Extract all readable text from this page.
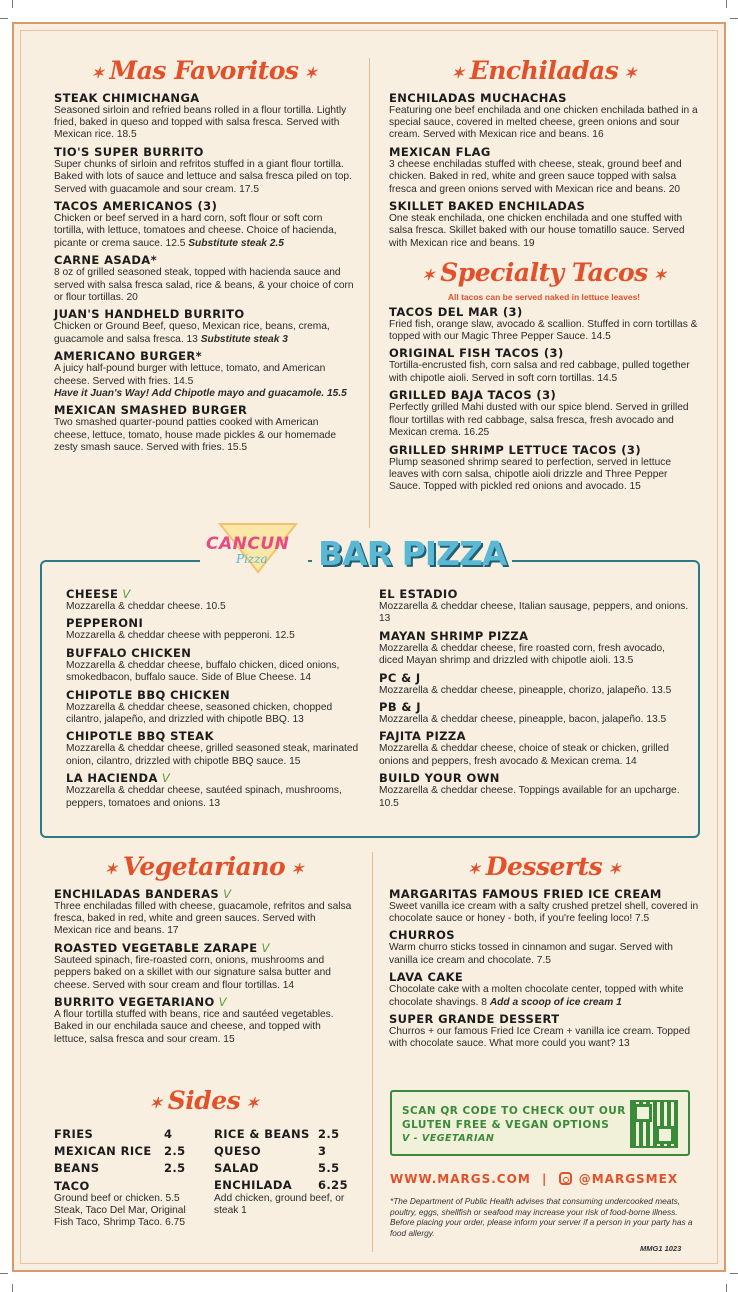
✶ Mas Favoritos ✶
STEAK CHIMICHANGA
Seasoned sirloin and refried beans rolled in a flour tortilla. Lightly fried, baked in queso and topped with salsa fresca. Served with Mexican rice. 18.5
TIO'S SUPER BURRITO
Super chunks of sirloin and refritos stuffed in a giant flour tortilla. Baked with lots of sauce and lettuce and salsa fresca piled on top. Served with guacamole and sour cream. 17.5
TACOS AMERICANOS (3)
Chicken or beef served in a hard corn, soft flour or soft corn tortilla, with lettuce, tomatoes and cheese. Choice of hacienda, picante or crema sauce. 12.5 Substitute steak 2.5
CARNE ASADA*
8 oz of grilled seasoned steak, topped with hacienda sauce and served with salsa fresca salad, rice & beans, & your choice of corn or flour tortillas. 20
JUAN'S HANDHELD BURRITO
Chicken or Ground Beef, queso, Mexican rice, beans, crema, guacamole and salsa fresca. 13 Substitute steak 3
AMERICANO BURGER*
A juicy half-pound burger with lettuce, tomato, and American cheese. Served with fries. 14.5
Have it Juan's Way! Add Chipotle mayo and guacamole. 15.5
MEXICAN SMASHED BURGER
Two smashed quarter-pound patties cooked with American cheese, lettuce, tomato, house made pickles & our homemade zesty smash sauce. Served with fries. 15.5
✶ Enchiladas ✶
ENCHILADAS MUCHACHAS
Featuring one beef enchilada and one chicken enchilada bathed in a special sauce, covered in melted cheese, green onions and sour cream. Served with Mexican rice and beans. 16
MEXICAN FLAG
3 cheese enchiladas stuffed with cheese, steak, ground beef and chicken. Baked in red, white and green sauce topped with salsa fresca and green onions served with Mexican rice and beans. 20
SKILLET BAKED ENCHILADAS
One steak enchilada, one chicken enchilada and one stuffed with salsa fresca. Skillet baked with our house tomatillo sauce. Served with Mexican rice and beans. 19
✶ Specialty Tacos ✶
All tacos can be served naked in lettuce leaves!
TACOS DEL MAR (3)
Fried fish, orange slaw, avocado & scallion. Stuffed in corn tortillas & topped with our Magic Three Pepper Sauce. 14.5
ORIGINAL FISH TACOS (3)
Tortilla-encrusted fish, corn salsa and red cabbage, pulled together with chipotle aioli. Served in soft corn tortillas. 14.5
GRILLED BAJA TACOS (3)
Perfectly grilled Mahi dusted with our spice blend. Served in grilled flour tortillas with red cabbage, salsa fresca, fresh avocado and Mexican crema. 16.25
GRILLED SHRIMP LETTUCE TACOS (3)
Plump seasoned shrimp seared to perfection, served in lettuce leaves with corn salsa, chipotle aioli drizzle and Three Pepper Sauce. Topped with pickled red onions and avocado. 15
CANCUN
Pizza BAR PIZZA
CHEESE V
Mozzarella & cheddar cheese. 10.5
PEPPERONI
Mozzarella & cheddar cheese with pepperoni. 12.5
BUFFALO CHICKEN
Mozzarella & cheddar cheese, buffalo chicken, diced onions, smokedbacon, buffalo sauce. Side of Blue Cheese. 14
CHIPOTLE BBQ CHICKEN
Mozzarella & cheddar cheese, seasoned chicken, chopped cilantro, jalapeño, and drizzled with chipotle BBQ. 13
CHIPOTLE BBQ STEAK
Mozzarella & cheddar cheese, grilled seasoned steak, marinated onion, cilantro, drizzled with chipotle BBQ sauce. 15
LA HACIENDA V
Mozzarella & cheddar cheese, sautéed spinach, mushrooms, peppers, tomatoes and onions. 13
EL ESTADIO
Mozzarella & cheddar cheese, Italian sausage, peppers, and onions. 13
MAYAN SHRIMP PIZZA
Mozzarella & cheddar cheese, fire roasted corn, fresh avocado, diced Mayan shrimp and drizzled with chipotle aioli. 13.5
PC & J
Mozzarella & cheddar cheese, pineapple, chorizo, jalapeño. 13.5
PB & J
Mozzarella & cheddar cheese, pineapple, bacon, jalapeño. 13.5
FAJITA PIZZA
Mozzarella & cheddar cheese, choice of steak or chicken, grilled onions and peppers, fresh avocado & Mexican crema. 14
BUILD YOUR OWN
Mozzarella & cheddar cheese. Toppings available for an upcharge. 10.5
✶ Vegetariano ✶
ENCHILADAS BANDERAS V
Three enchiladas filled with cheese, guacamole, refritos and salsa fresca, baked in red, white and green sauces. Served with Mexican rice and beans. 17
ROASTED VEGETABLE ZARAPE V
Sauteed spinach, fire-roasted corn, onions, mushrooms and peppers baked on a skillet with our signature salsa butter and cheese. Served with sour cream and flour tortillas. 14
BURRITO VEGETARIANO V
A flour tortilla stuffed with beans, rice and sautéed vegetables. Baked in our enchilada sauce and cheese, and topped with lettuce, salsa fresca and sour cream. 15
✶ Sides ✶
FRIES	4
MEXICAN RICE 2.5
BEANS	2.5
RICE & BEANS 2.5
QUESO	3
SALAD	5.5
ENCHILADA 6.25
TACO
Ground beef or chicken. 5.5 Steak, Taco Del Mar, Original Fish Taco, Shrimp Taco. 6.75
Add chicken, ground beef, or steak 1
✶ Desserts ✶
MARGARITAS FAMOUS FRIED ICE CREAM
Sweet vanilla ice cream with a salty crushed pretzel shell, covered in chocolate sauce or honey - both, if you're feeling loco! 7.5
CHURROS
Warm churro sticks tossed in cinnamon and sugar. Served with vanilla ice cream and chocolate. 7.5
LAVA CAKE
Chocolate cake with a molten chocolate center, topped with white chocolate shavings. 8 Add a scoop of ice cream 1
SUPER GRANDE DESSERT
Churros + our famous Fried Ice Cream + vanilla ice cream. Topped with chocolate sauce. What more could you want? 13
SCAN QR CODE TO CHECK OUT OUR
GLUTEN FREE & VEGAN OPTIONS
V - VEGETARIAN
WWW.MARGS.COM |	@MARGSMEX
*The Department of Public Health advises that consuming undercooked meats, poultry, eggs, shellfish or seafood may increase your risk of food-borne illness. Before placing your order, please inform your server if a person in your party has a food allergy.
MMG1 1023
